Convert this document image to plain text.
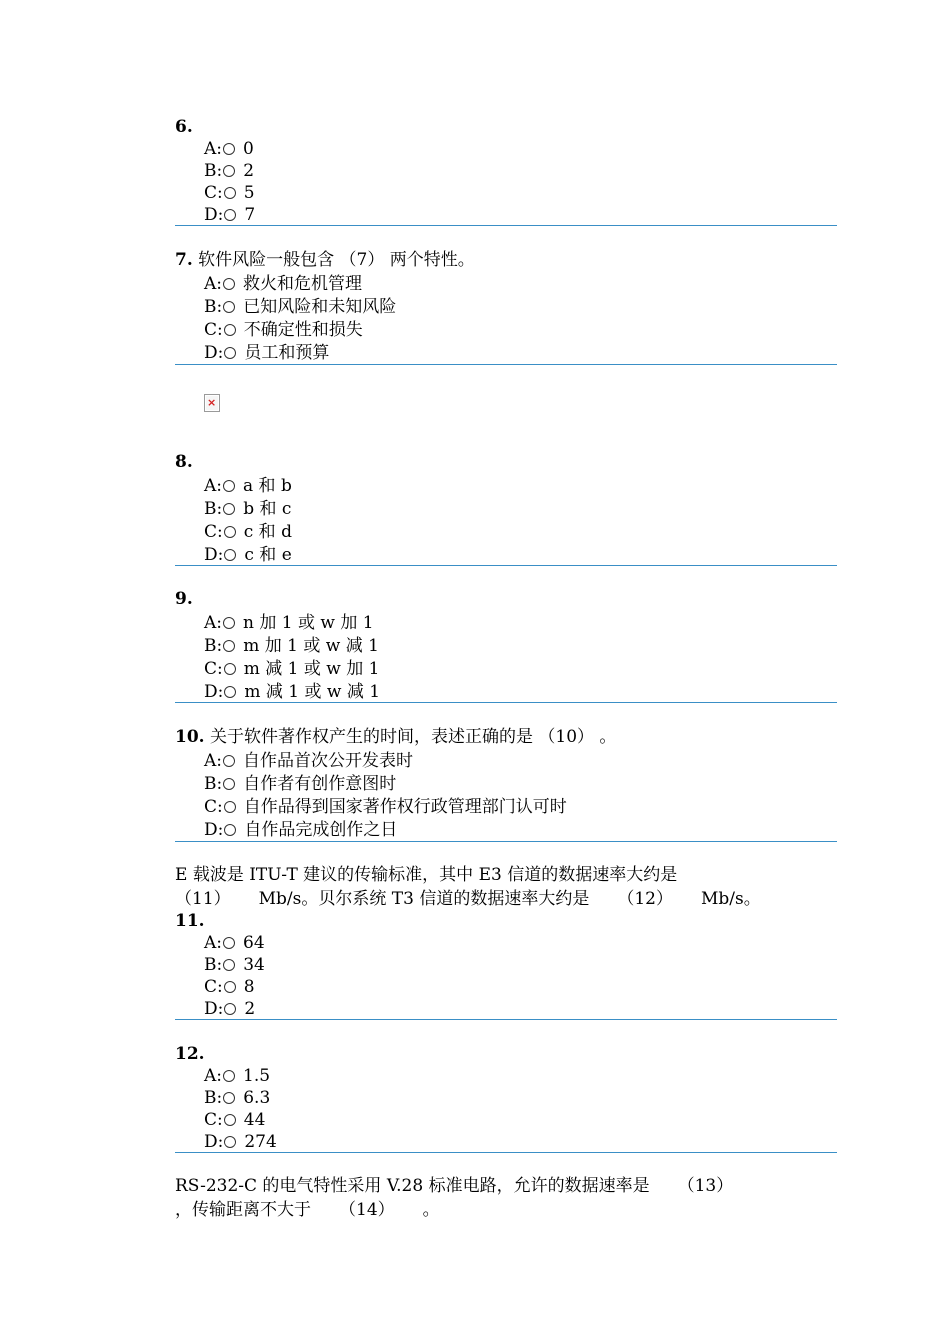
6.
A: 0
B: 2
C: 5
D: 7
7. 软件风险一般包含 （7） 两个特性。
A: 救火和危机管理
B: 已知风险和未知风险
C: 不确定性和损失
D: 员工和预算
×
8.
A: a 和 b
B: b 和 c
C: c 和 d
D: c 和 e
9.
A: n 加 1 或 w 加 1
B: m 加 1 或 w 减 1
C: m 减 1 或 w 加 1
D: m 减 1 或 w 减 1
10. 关于软件著作权产生的时间，表述正确的是 （10） 。
A: 自作品首次公开发表时
B: 自作者有创作意图时
C: 自作品得到国家著作权行政管理部门认可时
D: 自作品完成创作之日
E 载波是 ITU-T 建议的传输标准，其中 E3 信道的数据速率大约是
（11） Mb/s。贝尔系统 T3 信道的数据速率大约是 （12） Mb/s。
11.
A: 64
B: 34
C: 8
D: 2
12.
A: 1.5
B: 6.3
C: 44
D: 274
RS-232-C 的电气特性采用 V.28 标准电路，允许的数据速率是 （13）
，传输距离不大于 （14） 。
